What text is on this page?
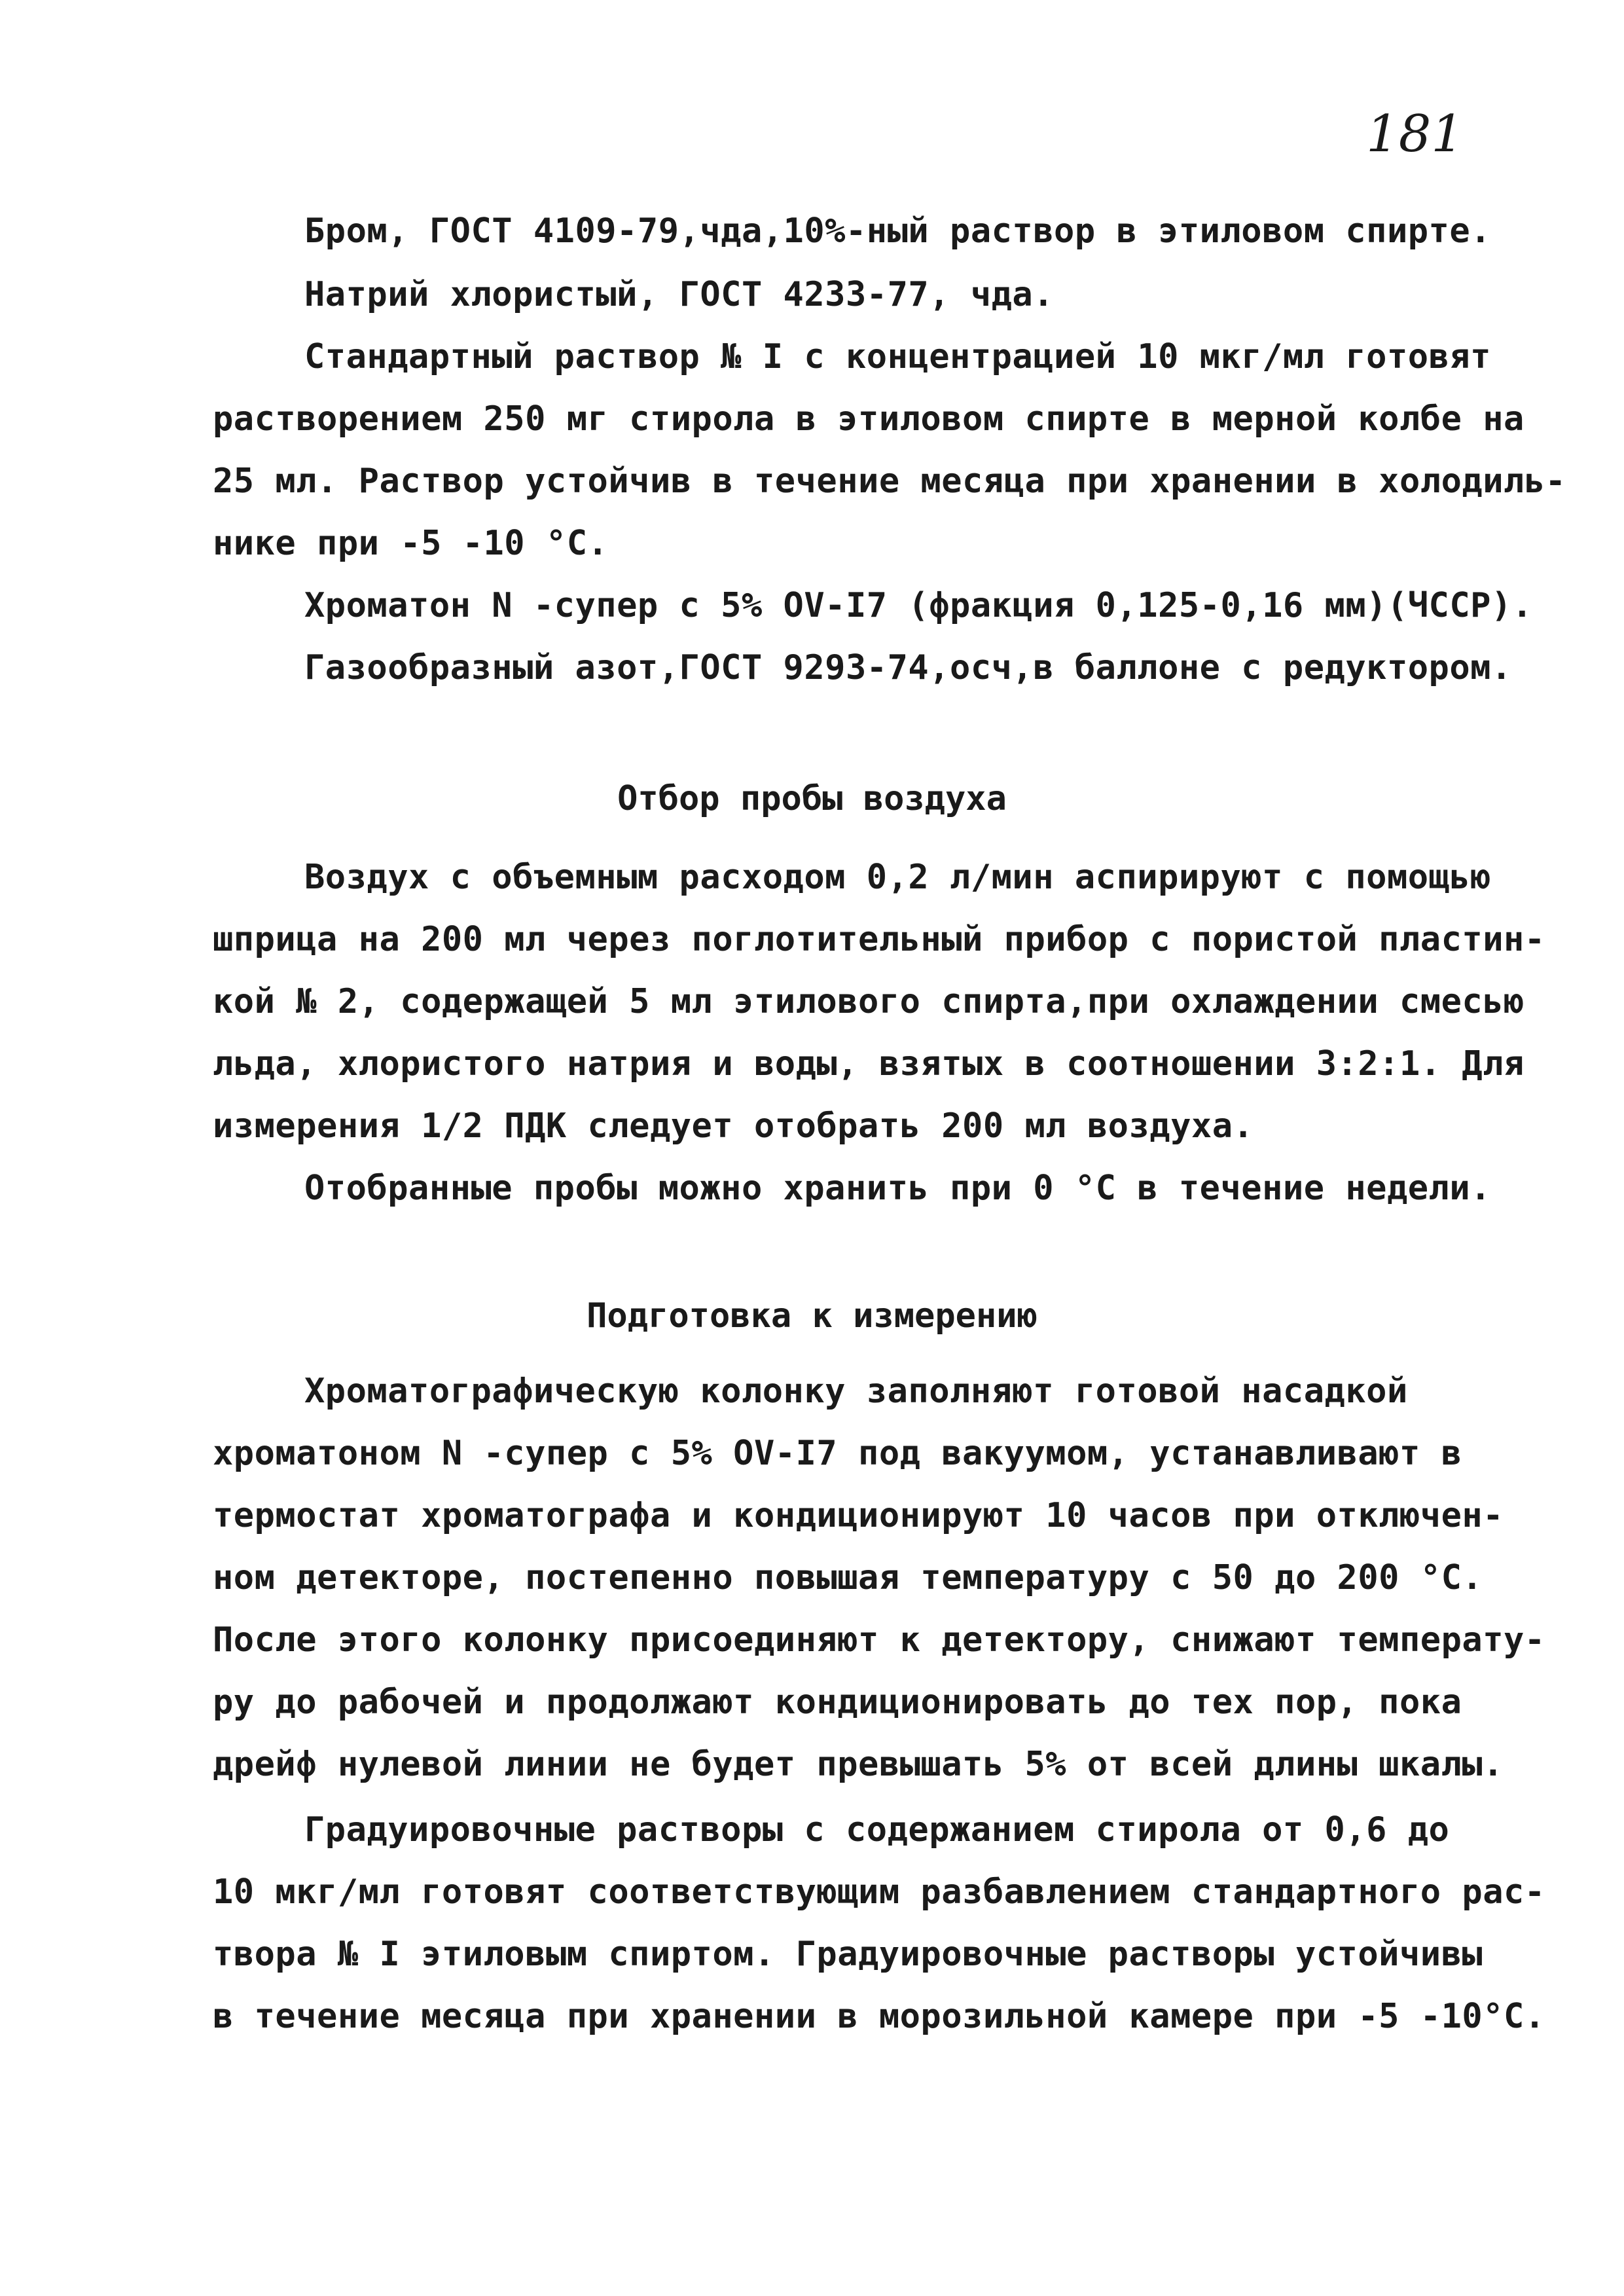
181
Бром, ГОСТ 4109-79,чда,10%-ный раствор в этиловом спирте.
Натрий хлористый, ГОСТ 4233-77, чда.
Стандартный раствор № I с концентрацией 10 мкг/мл готовят
растворением 250 мг стирола в этиловом спирте в мерной колбе на
25 мл. Раствор устойчив в течение месяца при хранении в холодиль-
нике при -5 -10 °С.
Хроматон N -супер с 5% OV-I7 (фракция 0,125-0,16 мм)(ЧССР).
Газообразный азот,ГОСТ 9293-74,осч,в баллоне с редуктором.
Отбор пробы воздуха
Воздух с объемным расходом 0,2 л/мин аспирируют с помощью
шприца на 200 мл через поглотительный прибор с пористой пластин-
кой № 2, содержащей 5 мл этилового спирта,при охлаждении смесью
льда, хлористого натрия и воды, взятых в соотношении 3:2:1. Для
измерения 1/2 ПДК следует отобрать 200 мл воздуха.
Отобранные пробы можно хранить при 0 °С в течение недели.
Подготовка к измерению
Хроматографическую колонку заполняют готовой насадкой
хроматоном N -супер с 5% OV-I7 под вакуумом, устанавливают в
термостат хроматографа и кондиционируют 10 часов при отключен-
ном детекторе, постепенно повышая температуру с 50 до 200 °С.
После этого колонку присоединяют к детектору, снижают температу-
ру до рабочей и продолжают кондиционировать до тех пор, пока
дрейф нулевой линии не будет превышать 5% от всей длины шкалы.
Градуировочные растворы с содержанием стирола от 0,6 до
10 мкг/мл готовят соответствующим разбавлением стандартного рас-
твора № I этиловым спиртом. Градуировочные растворы устойчивы
в течение месяца при хранении в морозильной камере при -5 -10°С.
